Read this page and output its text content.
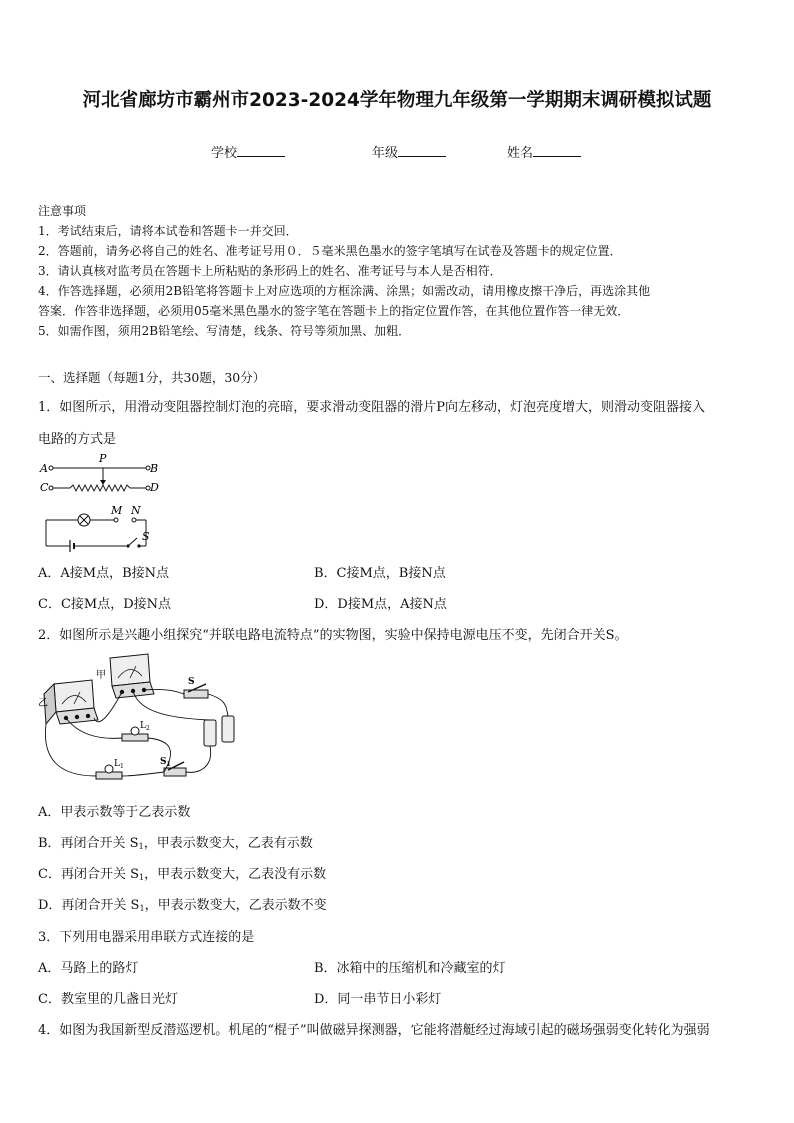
河北省廊坊市霸州市2023-2024学年物理九年级第一学期期末调研模拟试题
学校	年级	姓名
注意事项
1．考试结束后，请将本试卷和答题卡一并交回．
2．答题前，请务必将自己的姓名、准考证号用０．５毫米黑色墨水的签字笔填写在试卷及答题卡的规定位置．
3．请认真核对监考员在答题卡上所粘贴的条形码上的姓名、准考证号与本人是否相符．
4．作答选择题，必须用2B铅笔将答题卡上对应选项的方框涂满、涂黑；如需改动，请用橡皮擦干净后，再选涂其他
答案．作答非选择题，必须用05毫米黑色墨水的签字笔在答题卡上的指定位置作答，在其他位置作答一律无效．
5．如需作图，须用2B铅笔绘、写清楚，线条、符号等须加黑、加粗．
一、选择题（每题1分，共30题，30分）
1．如图所示，用滑动变阻器控制灯泡的亮暗，要求滑动变阻器的滑片P向左移动，灯泡亮度增大，则滑动变阻器接入
电路的方式是
A
C
B
D
P
M N
S
A．A接M点，B接N点	B．C接M点，B接N点
C．C接M点，D接N点	D．D接M点，A接N点
2．如图所示是兴趣小组探究“并联电路电流特点”的实物图，实验中保持电源电压不变，先闭合开关S。
甲
乙
S
$L_2$
$L_1$	$S_1$
A．甲表示数等于乙表示数
B．再闭合开关 $S_1$，甲表示数变大，乙表有示数
C．再闭合开关 $S_1$，甲表示数变大，乙表没有示数
D．再闭合开关 $S_1$，甲表示数变大，乙表示数不变
3．下列用电器采用串联方式连接的是
A．马路上的路灯	B．冰箱中的压缩机和冷藏室的灯
C．教室里的几盏日光灯	D．同一串节日小彩灯
4．如图为我国新型反潜巡逻机。机尾的“棍子”叫做磁异探测器，它能将潜艇经过海域引起的磁场强弱变化转化为强弱
